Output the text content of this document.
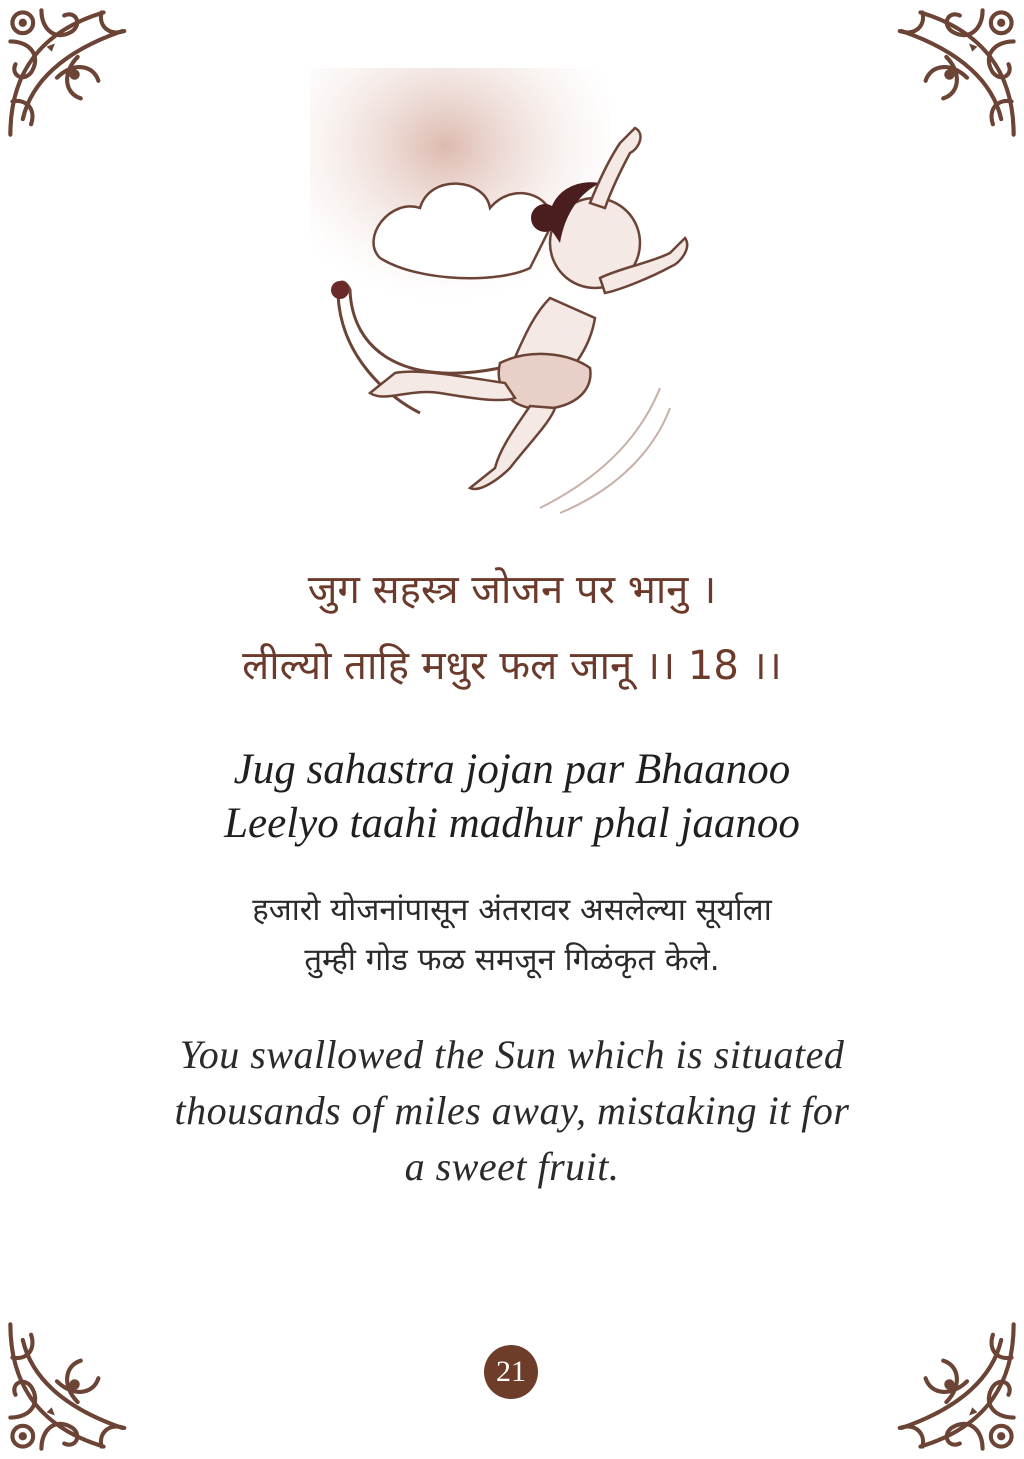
जुग सहस्त्र जोजन पर भानु ।
लील्यो ताहि मधुर फल जानू ।। 18 ।।
Jug sahastra jojan par Bhaanoo
Leelyo taahi madhur phal jaanoo
हजारो योजनांपासून अंतरावर असलेल्या सूर्याला
तुम्ही गोड फळ समजून गिळंकृत केले.
You swallowed the Sun which is situated
thousands of miles away, mistaking it for
a sweet fruit.
21
